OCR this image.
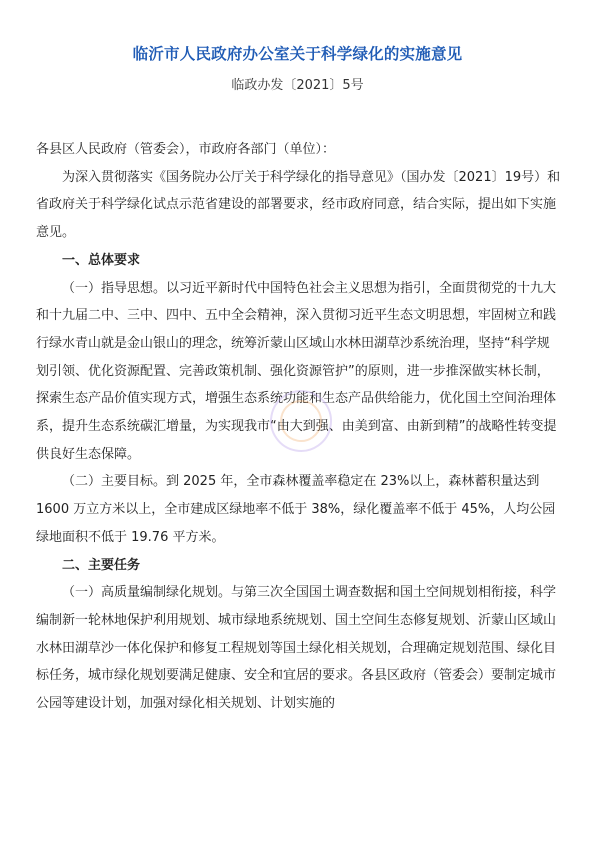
临沂市人民政府办公室关于科学绿化的实施意见
临政办发〔2021〕5号

各县区人民政府（管委会），市政府各部门（单位）：

为深入贯彻落实《国务院办公厅关于科学绿化的指导意见》（国办发〔2021〕19号）和省政府关于科学绿化试点示范省建设的部署要求，经市政府同意，结合实际，提出如下实施意见。

一、总体要求

（一）指导思想。以习近平新时代中国特色社会主义思想为指引，全面贯彻党的十九大和十九届二中、三中、四中、五中全会精神，深入贯彻习近平生态文明思想，牢固树立和践行绿水青山就是金山银山的理念，统筹沂蒙山区域山水林田湖草沙系统治理，坚持“科学规划引领、优化资源配置、完善政策机制、强化资源管护”的原则，进一步推深做实林长制，探索生态产品价值实现方式，增强生态系统功能和生态产品供给能力，优化国土空间治理体系，提升生态系统碳汇增量，为实现我市“由大到强、由美到富、由新到精”的战略性转变提供良好生态保障。

（二）主要目标。到 2025 年，全市森林覆盖率稳定在 23%以上，森林蓄积量达到 1600 万立方米以上，全市建成区绿地率不低于 38%，绿化覆盖率不低于 45%，人均公园绿地面积不低于 19.76 平方米。

二、主要任务

（一）高质量编制绿化规划。与第三次全国国土调查数据和国土空间规划相衔接，科学编制新一轮林地保护利用规划、城市绿地系统规划、国土空间生态修复规划、沂蒙山区域山水林田湖草沙一体化保护和修复工程规划等国土绿化相关规划，合理确定规划范围、绿化目标任务，城市绿化规划要满足健康、安全和宜居的要求。各县区政府（管委会）要制定城市公园等建设计划，加强对绿化相关规划、计划实施的
